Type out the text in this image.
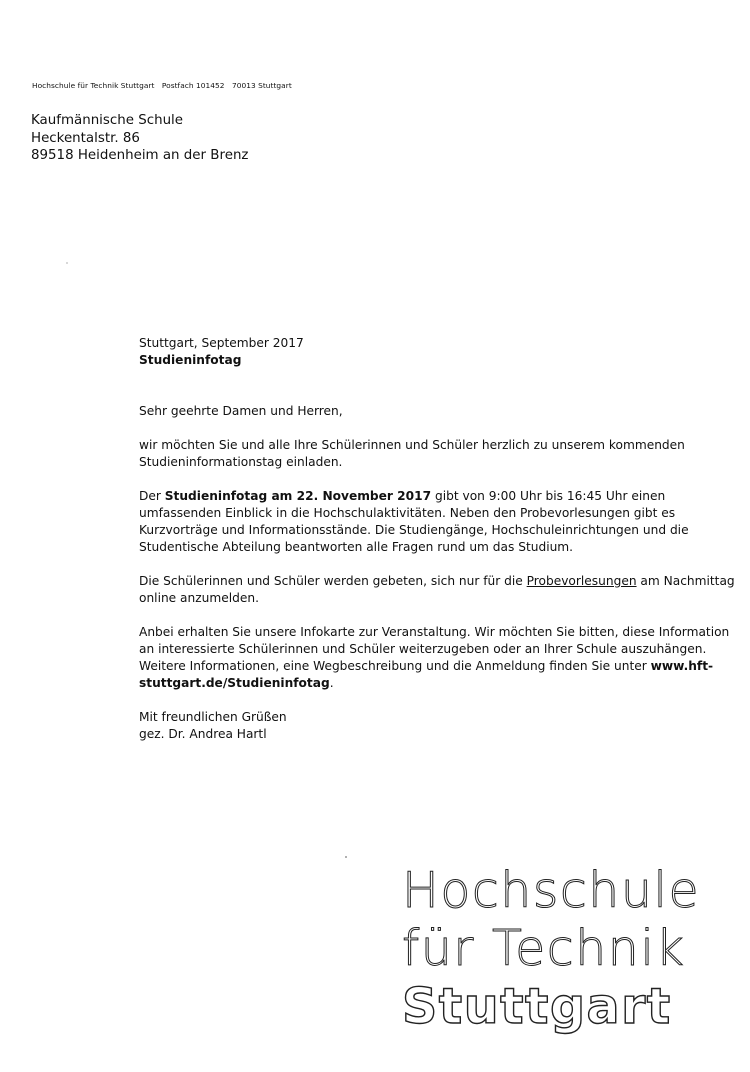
Hochschule für Technik Stuttgart Postfach 101452 70013 Stuttgart
Kaufmännische Schule
Heckentalstr. 86
89518 Heidenheim an der Brenz

Stuttgart, September 2017

Studieninfotag

Sehr geehrte Damen und Herren,

wir möchten Sie und alle Ihre Schülerinnen und Schüler herzlich zu unserem kommenden Studieninformationstag einladen.

Der Studieninfotag am 22. November 2017 gibt von 9:00 Uhr bis 16:45 Uhr einen umfassenden Einblick in die Hochschulaktivitäten. Neben den Probevorlesungen gibt es Kurzvorträge und Informationsstände. Die Studiengänge, Hochschuleinrichtungen und die Studentische Abteilung beantworten alle Fragen rund um das Studium.

Die Schülerinnen und Schüler werden gebeten, sich nur für die Probevorlesungen am Nachmittag online anzumelden.

Anbei erhalten Sie unsere Infokarte zur Veranstaltung. Wir möchten Sie bitten, diese Information an interessierte Schülerinnen und Schüler weiterzugeben oder an Ihrer Schule auszuhängen. Weitere Informationen, eine Wegbeschreibung und die Anmeldung finden Sie unter www.hft-stuttgart.de/Studieninfotag.

Mit freundlichen Grüßen

gez. Dr. Andrea Hartl

Hochschule
für Technik
Stuttgart
